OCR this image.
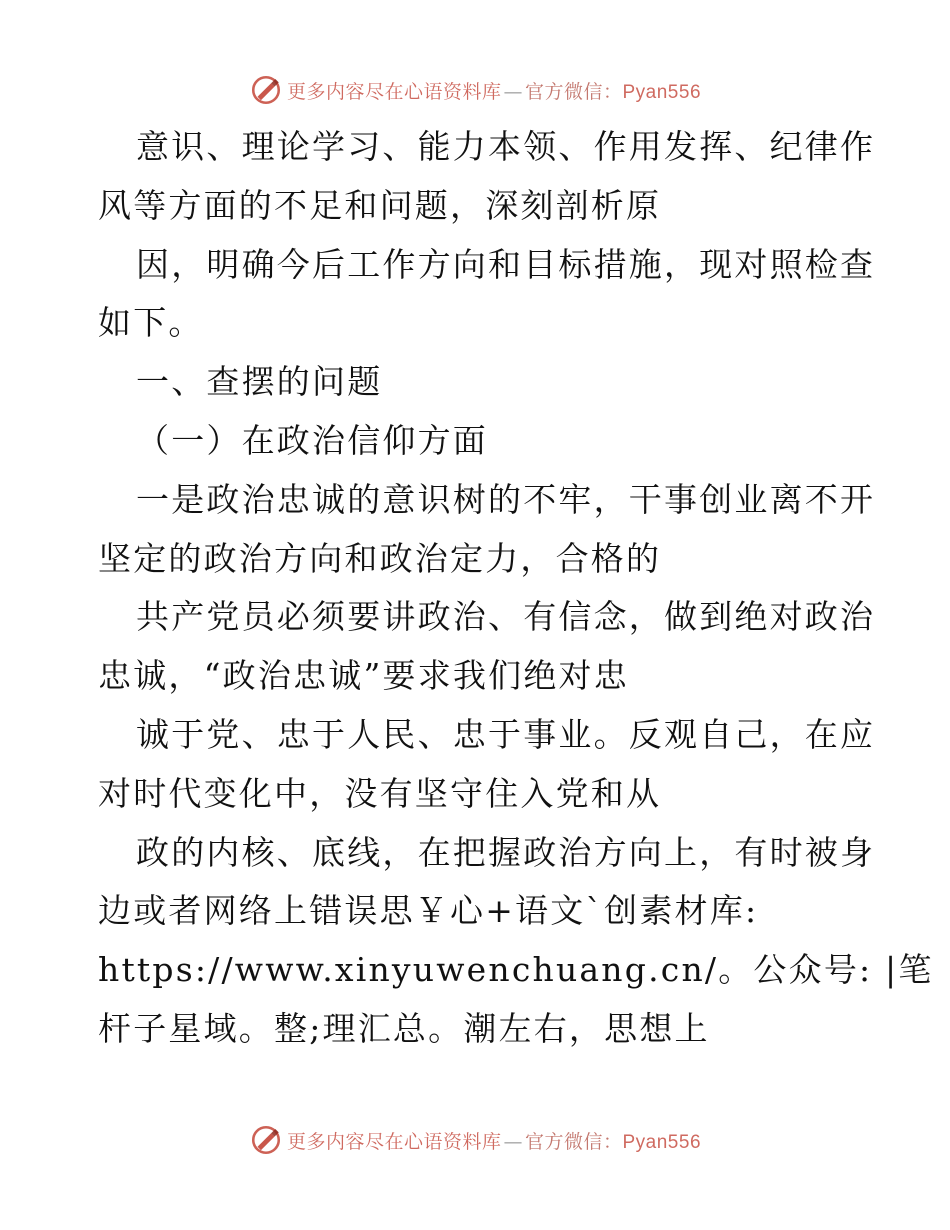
更多内容尽在心语资料库 — 官方微信：Pyan556
意识、理论学习、能力本领、作用发挥、纪律作
风等方面的不足和问题，深刻剖析原
因，明确今后工作方向和目标措施，现对照检查
如下。
一、查摆的问题
（一）在政治信仰方面
一是政治忠诚的意识树的不牢，干事创业离不开
坚定的政治方向和政治定力，合格的
共产党员必须要讲政治、有信念，做到绝对政治
忠诚，“政治忠诚”要求我们绝对忠
诚于党、忠于人民、忠于事业。反观自己，在应
对时代变化中，没有坚守住入党和从
政的内核、底线，在把握政治方向上，有时被身
边或者网络上错误思￥心+语文`创素材库:
https://www.xinyuwenchuang.cn/。公众号: |笔
杆子星域。整;理汇总。潮左右，思想上
更多内容尽在心语资料库 — 官方微信：Pyan556
